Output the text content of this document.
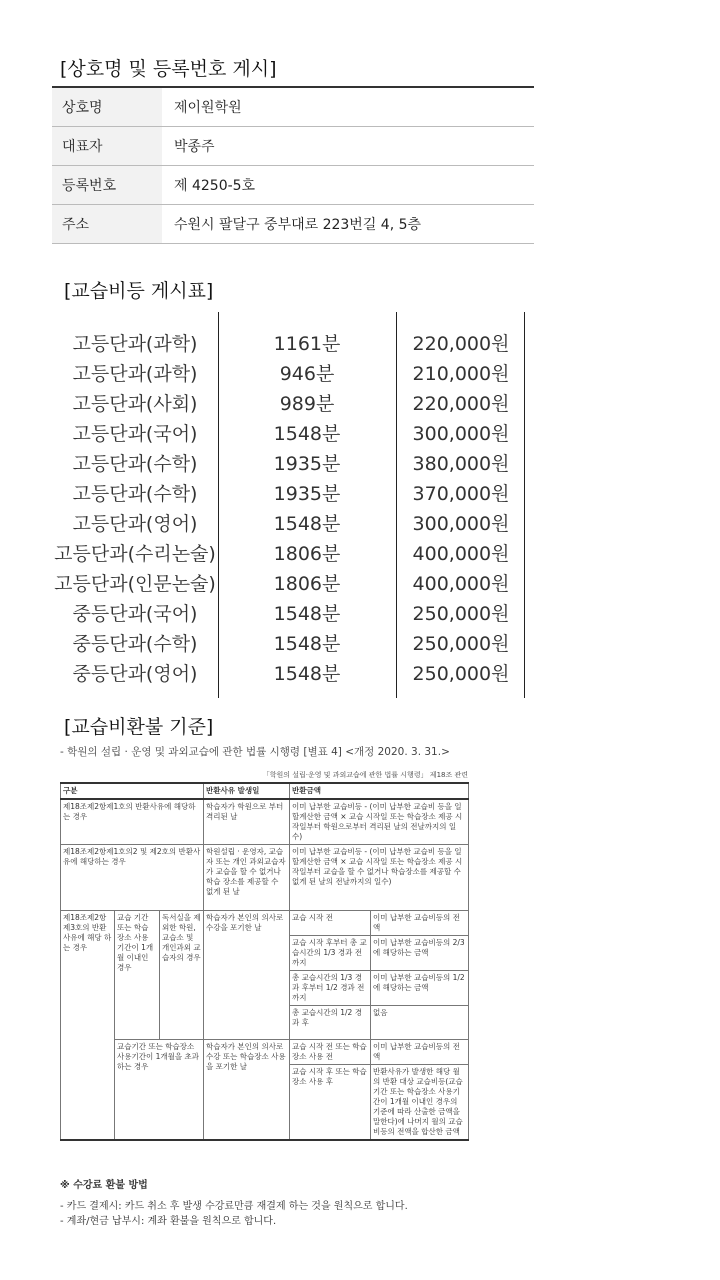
[상호명 및 등록번호 게시]
상호명	제이원학원
대표자	박종주
등록번호	제 4250-5호
주소	수원시 팔달구 중부대로 223번길 4, 5층
[교습비등 게시표]
고등단과(과학)	1161분	220,000원
고등단과(과학)	946분	210,000원
고등단과(사회)	989분	220,000원
고등단과(국어)	1548분	300,000원
고등단과(수학)	1935분	380,000원
고등단과(수학)	1935분	370,000원
고등단과(영어)	1548분	300,000원
고등단과(수리논술)	1806분	400,000원
고등단과(인문논술)	1806분	400,000원
중등단과(국어)	1548분	250,000원
중등단과(수학)	1548분	250,000원
중등단과(영어)	1548분	250,000원
[교습비환불 기준]
- 학원의 설립 · 운영 및 과외교습에 관한 법률 시행령 [별표 4] <개정 2020. 3. 31.>
「학원의 설립·운영 및 과외교습에 관한 법률 시행령」 제18조 관련
구분			반환사유 발생일	반환금액	
제18조제2항제1호의 반환사유에 해당하는 경우			학습자가 학원으로 부터 격리된 날	이미 납부한 교습비등 - (이미 납부한 교습비 등을 일할계산한 금액 × 교습 시작일 또는 학습장소 제공 시작일부터 학원으로부터 격리된 날의 전날까지의 일수)	
제18조제2항제1호의2 및 제2호의 반환사유에 해당하는 경우			학원설립 · 운영자, 교습자 또는 개인 과외교습자가 교습을 할 수 없거나 학습 장소를 제공할 수 없게 된 날	이미 납부한 교습비등 - (이미 납부한 교습비 등을 일할계산한 금액 × 교습 시작일 또는 학습장소 제공 시작일부터 교습을 할 수 없거나 학습장소를 제공할 수 없게 된 날의 전날까지의 일수)	
제18조제2항 제3호의 반환 사유에 해당 하는 경우	교습 기간 또는 학습 장소 사용 기간이 1개월 이내인 경우	독서실을 제외한 학원, 교습소 및 개인과외 교습자의 경우	학습자가 본인의 의사로 수강을 포기한 날	교습 시작 전	이미 납부한 교습비등의 전액
				교습 시작 후부터 총 교습시간의 1/3 경과 전까지	이미 납부한 교습비등의 2/3에 해당하는 금액
				총 교습시간의 1/3 경과 후부터 1/2 경과 전까지	이미 납부한 교습비등의 1/2에 해당하는 금액
				총 교습시간의 1/2 경과 후	없음
	교습기간 또는 학습장소 사용기간이 1개월을 초과하는 경우		학습자가 본인의 의사로 수강 또는 학습장소 사용을 포기한 날	교습 시작 전 또는 학습장소 사용 전	이미 납부한 교습비등의 전액
				교습 시작 후 또는 학습장소 사용 후	반환사유가 발생한 해당 월의 반환 대상 교습비등(교습기간 또는 학습장소 사용기간이 1개월 이내인 경우의 기준에 따라 산출한 금액을 말한다)에 나머지 월의 교습비등의 전액을 합산한 금액
※ 수강료 환불 방법
- 카드 결제시: 카드 취소 후 발생 수강료만큼 재결제 하는 것을 원칙으로 합니다.
- 계좌/현금 납부시: 계좌 환불을 원칙으로 합니다.
